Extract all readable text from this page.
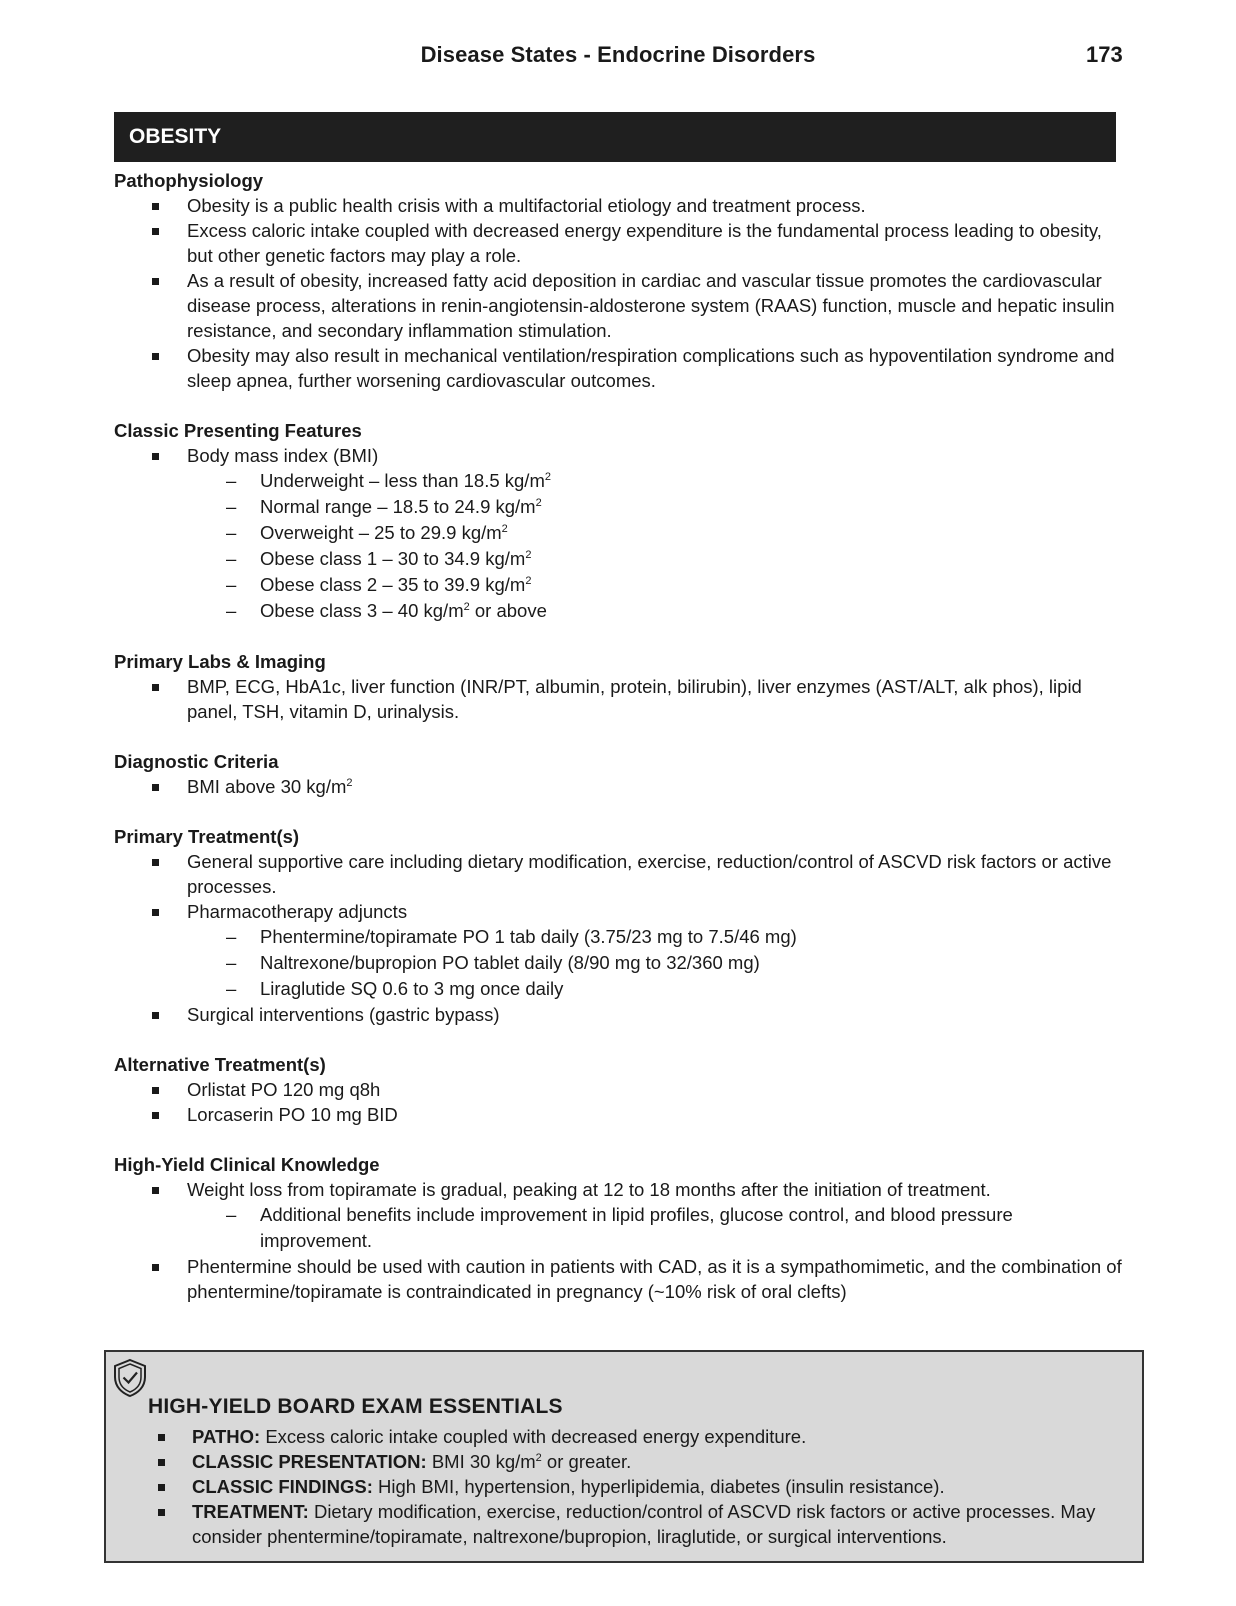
Disease States - Endocrine Disorders	173
OBESITY
Pathophysiology
Obesity is a public health crisis with a multifactorial etiology and treatment process.
Excess caloric intake coupled with decreased energy expenditure is the fundamental process leading to obesity, but other genetic factors may play a role.
As a result of obesity, increased fatty acid deposition in cardiac and vascular tissue promotes the cardiovascular disease process, alterations in renin-angiotensin-aldosterone system (RAAS) function, muscle and hepatic insulin resistance, and secondary inflammation stimulation.
Obesity may also result in mechanical ventilation/respiration complications such as hypoventilation syndrome and sleep apnea, further worsening cardiovascular outcomes.
Classic Presenting Features
Body mass index (BMI)
– Underweight – less than 18.5 $kg/m^2$
– Normal range – 18.5 to 24.9 $kg/m^2$
– Overweight – 25 to 29.9 $kg/m^2$
– Obese class 1 – 30 to 34.9 $kg/m^2$
– Obese class 2 – 35 to 39.9 $kg/m^2$
– Obese class 3 – 40 $kg/m^2$ or above
Primary Labs & Imaging
BMP, ECG, HbA1c, liver function (INR/PT, albumin, protein, bilirubin), liver enzymes (AST/ALT, alk phos), lipid panel, TSH, vitamin D, urinalysis.
Diagnostic Criteria
BMI above 30 $kg/m^2$
Primary Treatment(s)
General supportive care including dietary modification, exercise, reduction/control of ASCVD risk factors or active processes.
Pharmacotherapy adjuncts
– Phentermine/topiramate PO 1 tab daily (3.75/23 mg to 7.5/46 mg)
– Naltrexone/bupropion PO tablet daily (8/90 mg to 32/360 mg)
– Liraglutide SQ 0.6 to 3 mg once daily
Surgical interventions (gastric bypass)
Alternative Treatment(s)
Orlistat PO 120 mg q8h
Lorcaserin PO 10 mg BID
High-Yield Clinical Knowledge
Weight loss from topiramate is gradual, peaking at 12 to 18 months after the initiation of treatment.
– Additional benefits include improvement in lipid profiles, glucose control, and blood pressure improvement.
Phentermine should be used with caution in patients with CAD, as it is a sympathomimetic, and the combination of phentermine/topiramate is contraindicated in pregnancy (~10% risk of oral clefts)
HIGH-YIELD BOARD EXAM ESSENTIALS
PATHO: Excess caloric intake coupled with decreased energy expenditure.
CLASSIC PRESENTATION: BMI 30 $kg/m^2$ or greater.
CLASSIC FINDINGS: High BMI, hypertension, hyperlipidemia, diabetes (insulin resistance).
TREATMENT: Dietary modification, exercise, reduction/control of ASCVD risk factors or active processes. May consider phentermine/topiramate, naltrexone/bupropion, liraglutide, or surgical interventions.
